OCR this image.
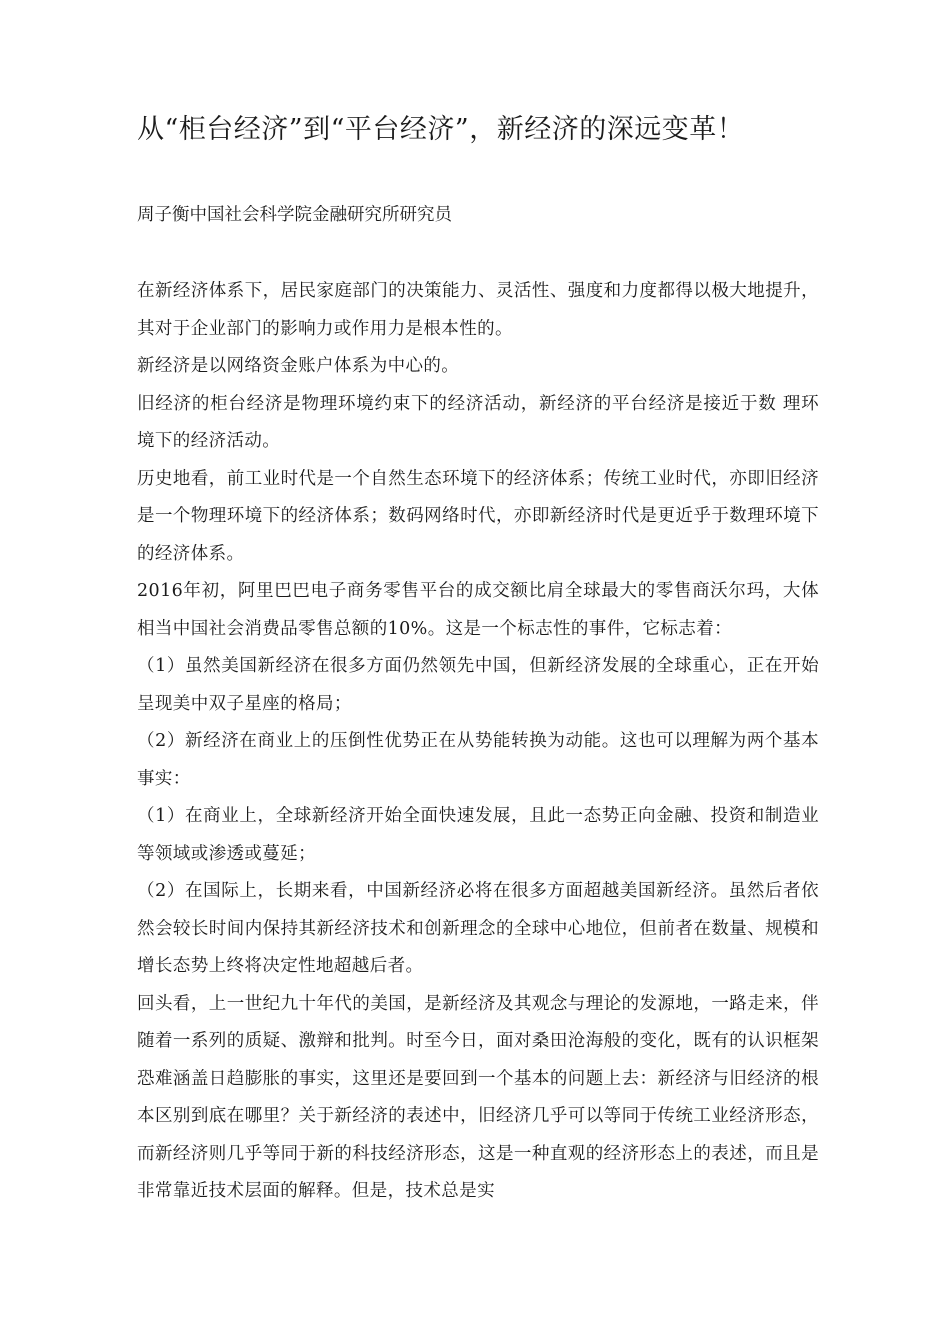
从“柜台经济”到“平台经济”，新经济的深远变革！

周子衡中国社会科学院金融研究所研究员

在新经济体系下，居民家庭部门的决策能力、灵活性、强度和力度都得以极大地提升，其对于企业部门的影响力或作用力是根本性的。

新经济是以网络资金账户体系为中心的。

旧经济的柜台经济是物理环境约束下的经济活动，新经济的平台经济是接近于数 理环境下的经济活动。

历史地看，前工业时代是一个自然生态环境下的经济体系；传统工业时代，亦即旧经济是一个物理环境下的经济体系；数码网络时代，亦即新经济时代是更近乎于数理环境下的经济体系。

2016年初，阿里巴巴电子商务零售平台的成交额比肩全球最大的零售商沃尔玛，大体相当中国社会消费品零售总额的10%。这是一个标志性的事件，它标志着：

（1）虽然美国新经济在很多方面仍然领先中国，但新经济发展的全球重心，正在开始呈现美中双子星座的格局；

（2）新经济在商业上的压倒性优势正在从势能转换为动能。这也可以理解为两个基本事实：

（1）在商业上，全球新经济开始全面快速发展，且此一态势正向金融、投资和制造业等领域或渗透或蔓延；

（2）在国际上，长期来看，中国新经济必将在很多方面超越美国新经济。虽然后者依然会较长时间内保持其新经济技术和创新理念的全球中心地位，但前者在数量、规模和增长态势上终将决定性地超越后者。

回头看，上一世纪九十年代的美国，是新经济及其观念与理论的发源地，一路走来，伴随着一系列的质疑、激辩和批判。时至今日，面对桑田沧海般的变化，既有的认识框架恐难涵盖日趋膨胀的事实，这里还是要回到一个基本的问题上去：新经济与旧经济的根本区别到底在哪里？关于新经济的表述中，旧经济几乎可以等同于传统工业经济形态，而新经济则几乎等同于新的科技经济形态，这是一种直观的经济形态上的表述，而且是非常靠近技术层面的解释。但是，技术总是实
